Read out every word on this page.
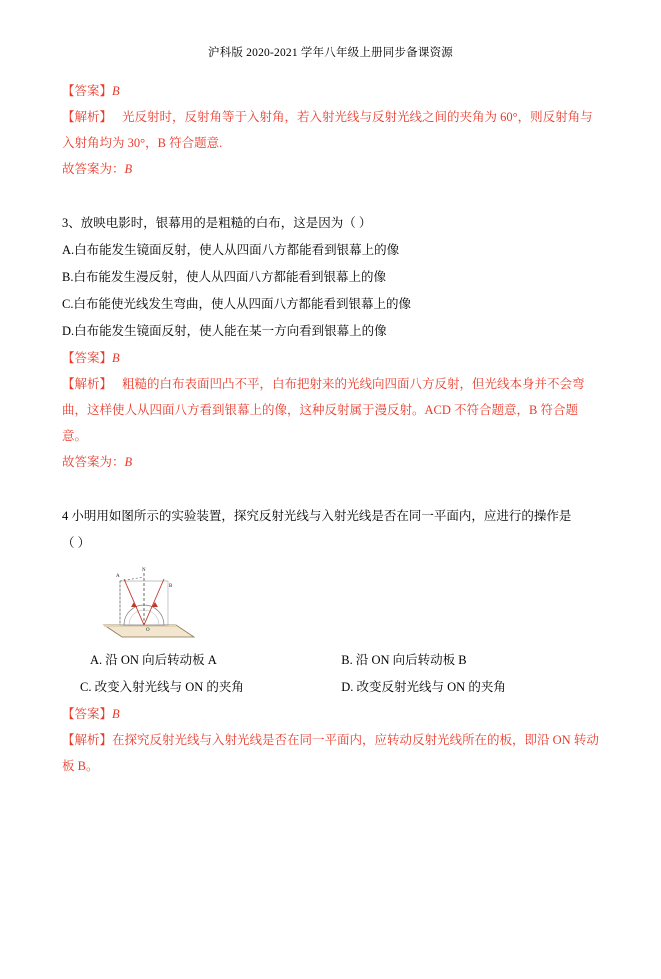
沪科版 2020-2021 学年八年级上册同步备课资源
【答案】B
【解析】 光反射时，反射角等于入射角，若入射光线与反射光线之间的夹角为 60°，则反射角与入射角均为 30°，B 符合题意.
故答案为：B
3、放映电影时，银幕用的是粗糙的白布，这是因为（ ）
A.白布能发生镜面反射，使人从四面八方都能看到银幕上的像
B.白布能发生漫反射，使人从四面八方都能看到银幕上的像
C.白布能使光线发生弯曲，使人从四面八方都能看到银幕上的像
D.白布能发生镜面反射，使人能在某一方向看到银幕上的像
【答案】B
【解析】 粗糙的白布表面凹凸不平，白布把射来的光线向四面八方反射，但光线本身并不会弯曲，这样使人从四面八方看到银幕上的像，这种反射属于漫反射。ACD 不符合题意，B 符合题意。
故答案为：B
4 小明用如图所示的实验装置，探究反射光线与入射光线是否在同一平面内，应进行的操作是
（ ）
N
A
B
O
A. 沿 ON 向后转动板 A	B. 沿 ON 向后转动板 B
C. 改变入射光线与 ON 的夹角	D. 改变反射光线与 ON 的夹角
【答案】B
【解析】在探究反射光线与入射光线是否在同一平面内，应转动反射光线所在的板，即沿 ON 转动板 B。
